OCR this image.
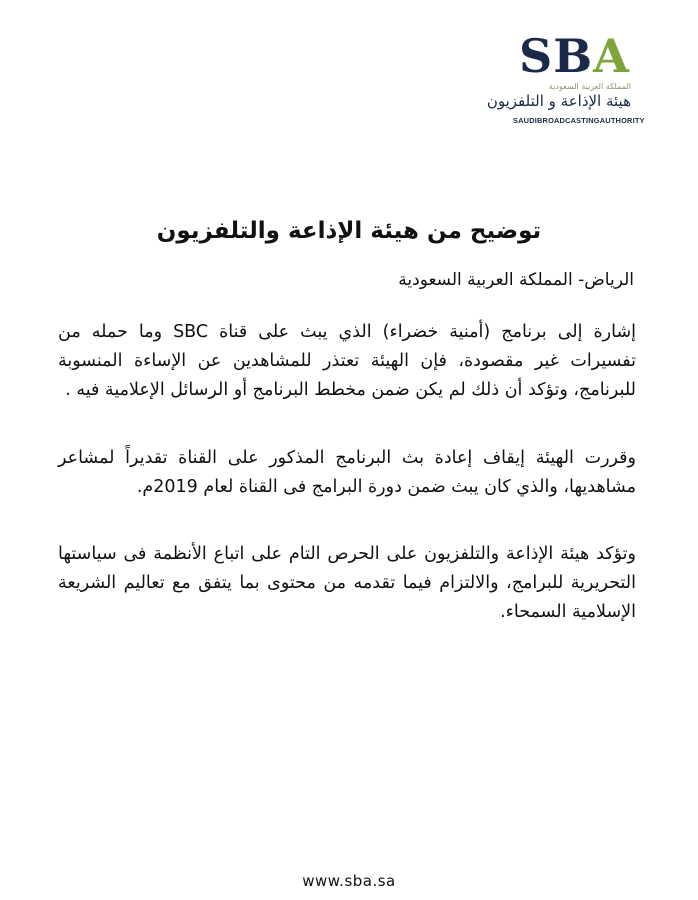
SBA
المملكة العربية السعودية
هيئة الإذاعة و التلفزيون
SAUDIBROADCASTINGAUTHORITY
توضيح من هيئة الإذاعة والتلفزيون
الرياض- المملكة العربية السعودية

إشارة إلى برنامج (أمنية خضراء) الذي يبث على قناة SBC وما حمله من تفسيرات غير مقصودة، فإن الهيئة تعتذر للمشاهدين عن الإساءة المنسوبة للبرنامج، وتؤكد أن ذلك لم يكن ضمن مخطط البرنامج أو الرسائل الإعلامية فيه .

وقررت الهيئة إيقاف إعادة بث البرنامج المذكور على القناة تقديراً لمشاعر مشاهديها، والذي كان يبث ضمن دورة البرامج فى القناة لعام 2019م.

وتؤكد هيئة الإذاعة والتلفزيون على الحرص التام على اتباع الأنظمة فى سياستها التحريرية للبرامج، والالتزام فيما تقدمه من محتوى بما يتفق مع تعاليم الشريعة الإسلامية السمحاء.

www.sba.sa
